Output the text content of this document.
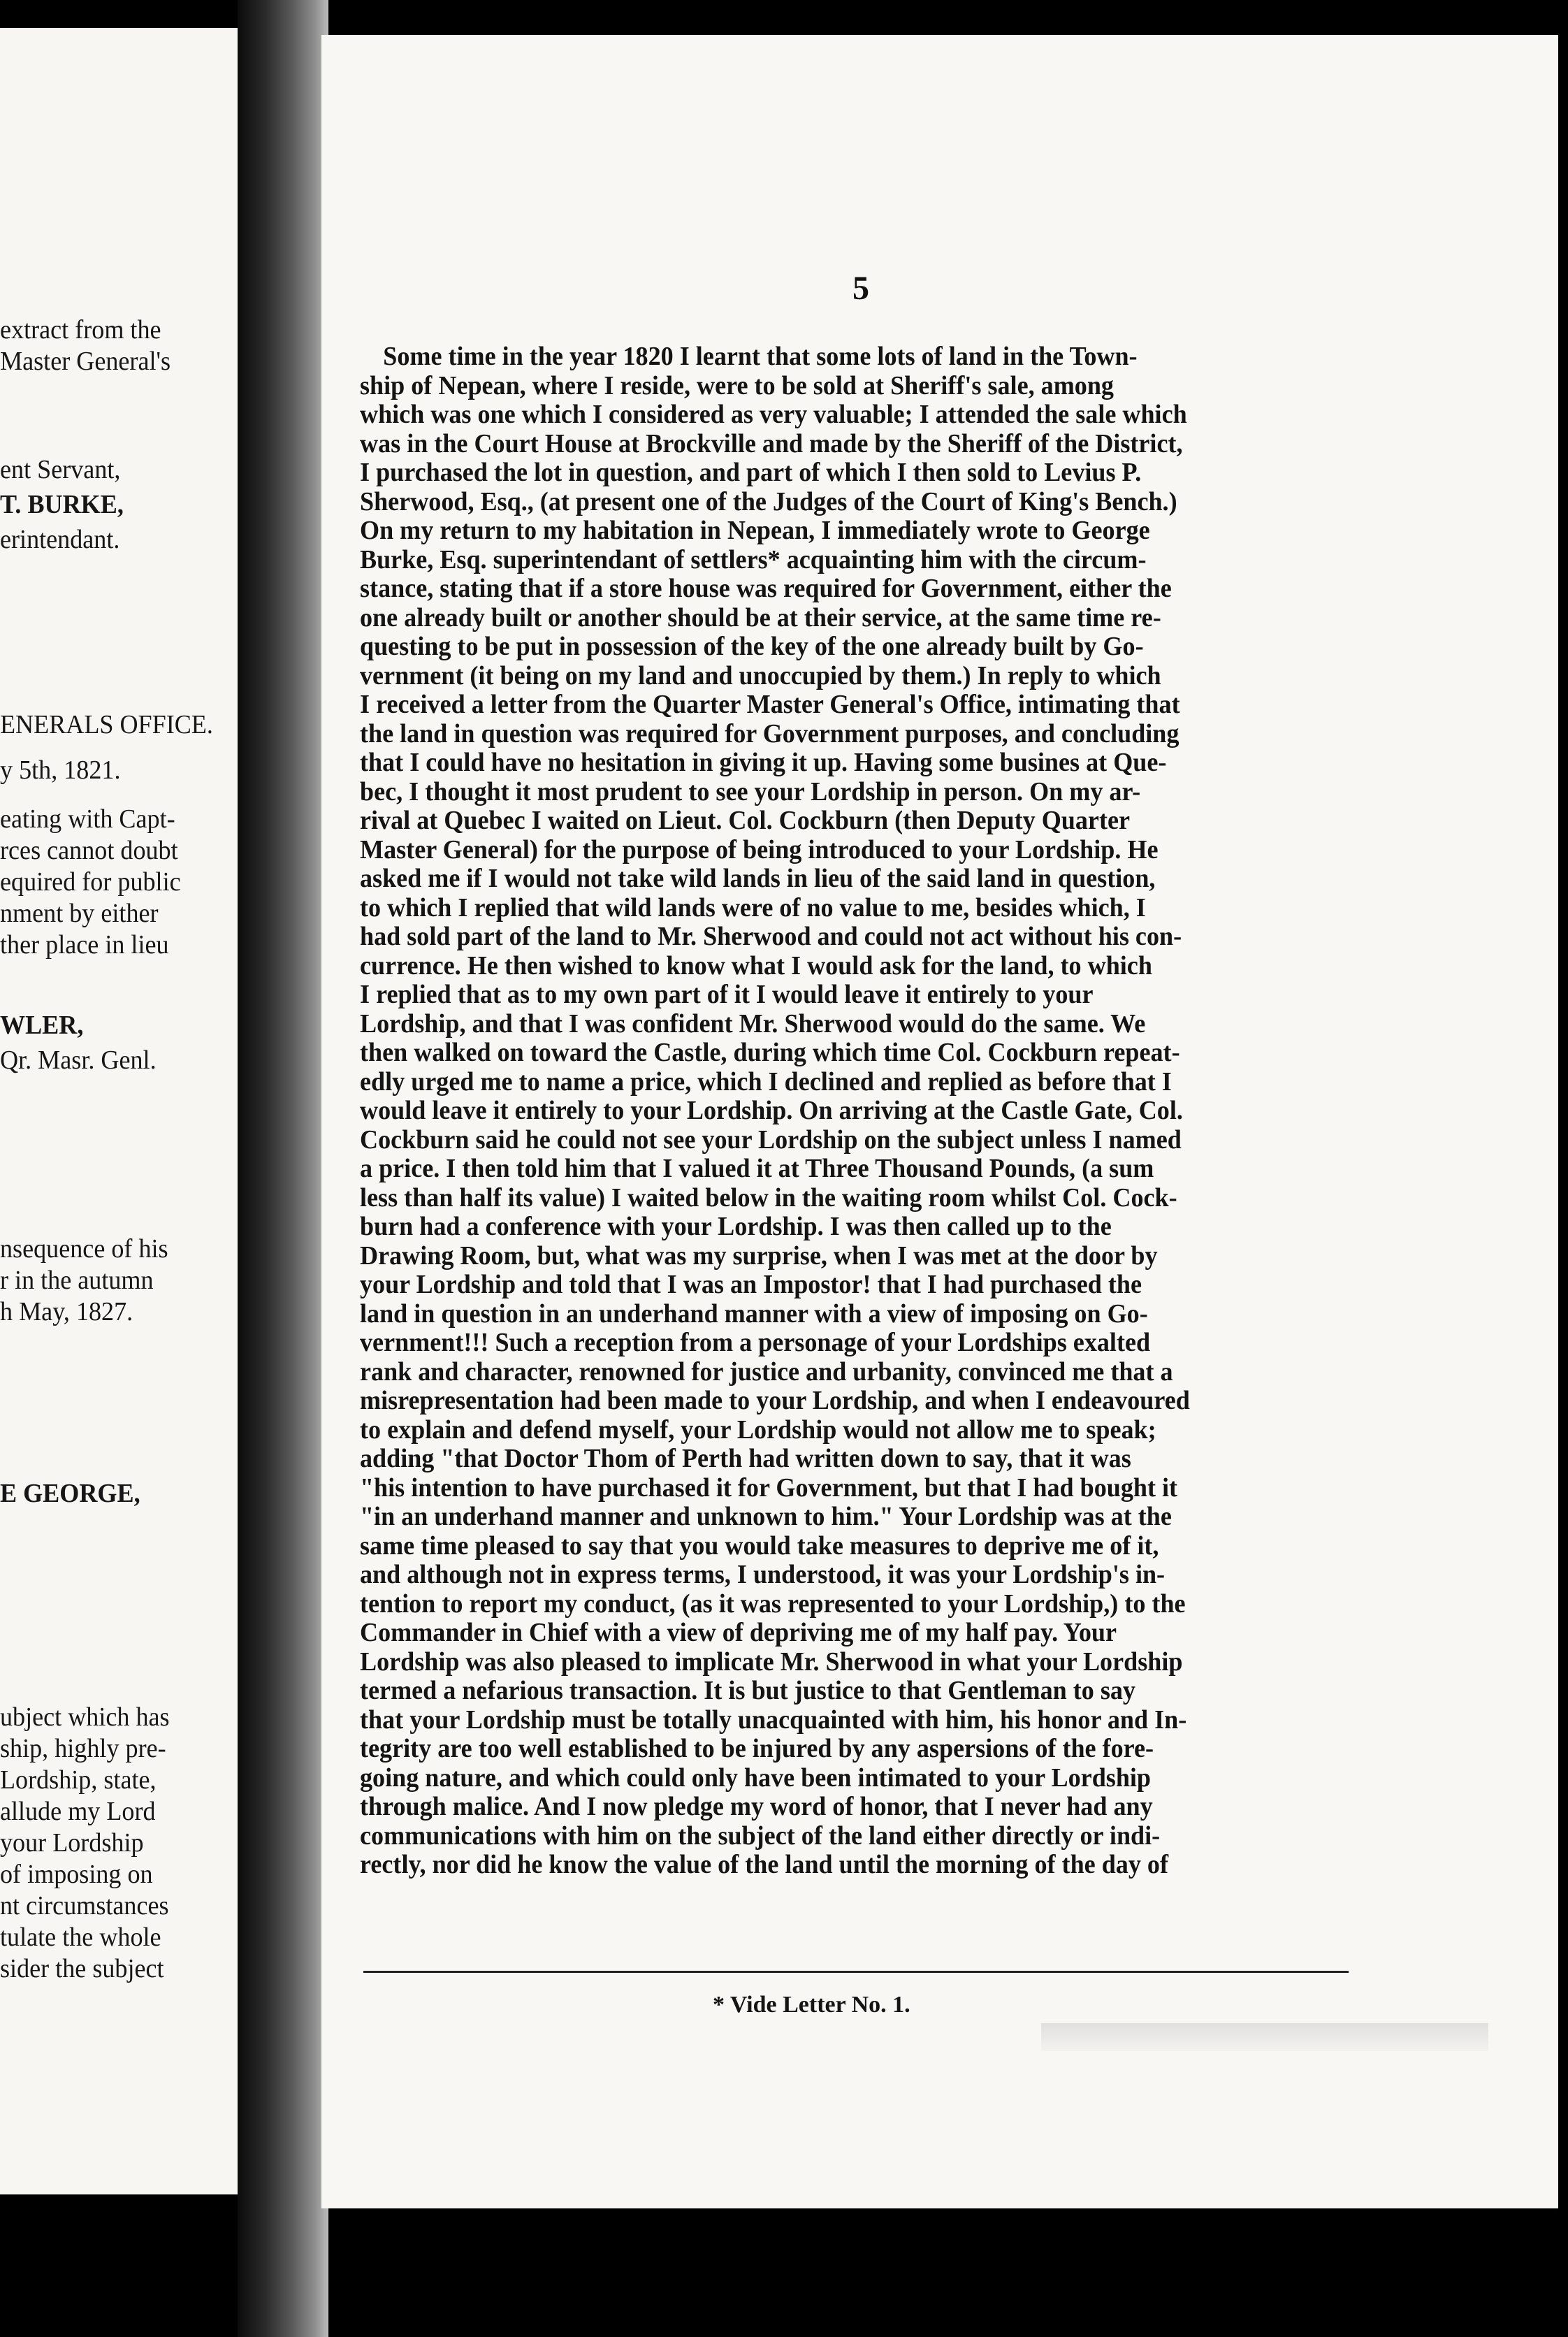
extract from the
Master General's
ent Servant,
T. BURKE,
erintendant.
ENERALS OFFICE.
y 5th, 1821.
eating with Capt-
rces cannot doubt
equired for public
nment by either
ther place in lieu
WLER,
Qr. Masr. Genl.
nsequence of his
r in the autumn
h May, 1827.
E GEORGE,
ubject which has
ship, highly pre-
Lordship, state,
allude my Lord
your Lordship
of imposing on
nt circumstances
tulate the whole
sider the subject
5
Some time in the year 1820 I learnt that some lots of land in the Town-
ship of Nepean, where I reside, were to be sold at Sheriff's sale, among
which was one which I considered as very valuable; I attended the sale which
was in the Court House at Brockville and made by the Sheriff of the District,
I purchased the lot in question, and part of which I then sold to Levius P.
Sherwood, Esq., (at present one of the Judges of the Court of King's Bench.)
On my return to my habitation in Nepean, I immediately wrote to George
Burke, Esq. superintendant of settlers* acquainting him with the circum-
stance, stating that if a store house was required for Government, either the
one already built or another should be at their service, at the same time re-
questing to be put in possession of the key of the one already built by Go-
vernment (it being on my land and unoccupied by them.) In reply to which
I received a letter from the Quarter Master General's Office, intimating that
the land in question was required for Government purposes, and concluding
that I could have no hesitation in giving it up. Having some busines at Que-
bec, I thought it most prudent to see your Lordship in person. On my ar-
rival at Quebec I waited on Lieut. Col. Cockburn (then Deputy Quarter
Master General) for the purpose of being introduced to your Lordship. He
asked me if I would not take wild lands in lieu of the said land in question,
to which I replied that wild lands were of no value to me, besides which, I
had sold part of the land to Mr. Sherwood and could not act without his con-
currence. He then wished to know what I would ask for the land, to which
I replied that as to my own part of it I would leave it entirely to your
Lordship, and that I was confident Mr. Sherwood would do the same. We
then walked on toward the Castle, during which time Col. Cockburn repeat-
edly urged me to name a price, which I declined and replied as before that I
would leave it entirely to your Lordship. On arriving at the Castle Gate, Col.
Cockburn said he could not see your Lordship on the subject unless I named
a price. I then told him that I valued it at Three Thousand Pounds, (a sum
less than half its value) I waited below in the waiting room whilst Col. Cock-
burn had a conference with your Lordship. I was then called up to the
Drawing Room, but, what was my surprise, when I was met at the door by
your Lordship and told that I was an Impostor! that I had purchased the
land in question in an underhand manner with a view of imposing on Go-
vernment!!! Such a reception from a personage of your Lordships exalted
rank and character, renowned for justice and urbanity, convinced me that a
misrepresentation had been made to your Lordship, and when I endeavoured
to explain and defend myself, your Lordship would not allow me to speak;
adding "that Doctor Thom of Perth had written down to say, that it was
"his intention to have purchased it for Government, but that I had bought it
"in an underhand manner and unknown to him." Your Lordship was at the
same time pleased to say that you would take measures to deprive me of it,
and although not in express terms, I understood, it was your Lordship's in-
tention to report my conduct, (as it was represented to your Lordship,) to the
Commander in Chief with a view of depriving me of my half pay. Your
Lordship was also pleased to implicate Mr. Sherwood in what your Lordship
termed a nefarious transaction. It is but justice to that Gentleman to say
that your Lordship must be totally unacquainted with him, his honor and In-
tegrity are too well established to be injured by any aspersions of the fore-
going nature, and which could only have been intimated to your Lordship
through malice. And I now pledge my word of honor, that I never had any
communications with him on the subject of the land either directly or indi-
rectly, nor did he know the value of the land until the morning of the day of
* Vide Letter No. 1.
